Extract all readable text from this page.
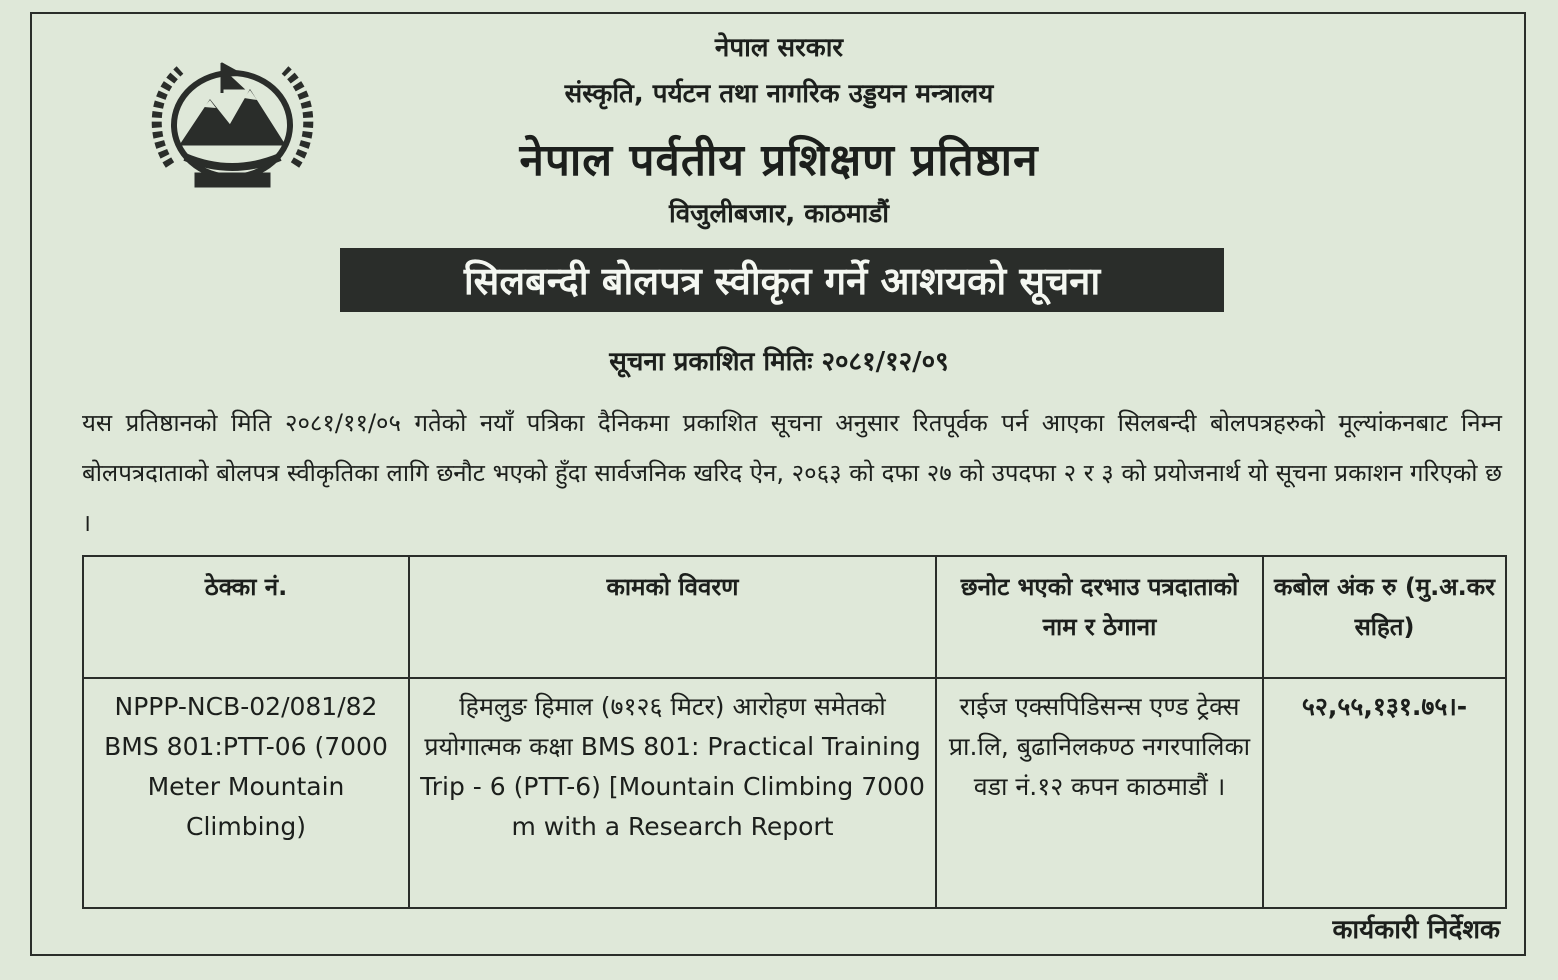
नेपाल सरकार
संस्कृति, पर्यटन तथा नागरिक उड्डयन मन्त्रालय
नेपाल पर्वतीय प्रशिक्षण प्रतिष्ठान
विजुलीबजार, काठमाडौं
सिलबन्दी बोलपत्र स्वीकृत गर्ने आशयको सूचना
सूचना प्रकाशित मितिः २०८१/१२/०९
यस प्रतिष्ठानको मिति २०८१/११/०५ गतेको नयाँ पत्रिका दैनिकमा प्रकाशित सूचना अनुसार रितपूर्वक पर्न आएका सिलबन्दी बोलपत्रहरुको मूल्यांकनबाट निम्न बोलपत्रदाताको बोलपत्र स्वीकृतिका लागि छनौट भएको हुँदा सार्वजनिक खरिद ऐन, २०६३ को दफा २७ को उपदफा २ र ३ को प्रयोजनार्थ यो सूचना प्रकाशन गरिएको छ ।
ठेक्का नं.	कामको विवरण	छनोट भएको दरभाउ पत्रदाताको नाम र ठेगाना	कबोल अंक रु (मु.अ.कर सहित)
NPPP-NCB-02/081/82 BMS 801:PTT-06 (7000 Meter Mountain Climbing)	हिमलुङ हिमाल (७१२६ मिटर) आरोहण समेतको प्रयोगात्मक कक्षा BMS 801: Practical Training Trip - 6 (PTT-6) [Mountain Climbing 7000 m with a Research Report	राईज एक्सपिडिसन्स एण्ड ट्रेक्स प्रा.लि, बुढानिलकण्ठ नगरपालिका वडा नं.१२ कपन काठमाडौं ।	५२,५५,१३१.७५।-
कार्यकारी निर्देशक
